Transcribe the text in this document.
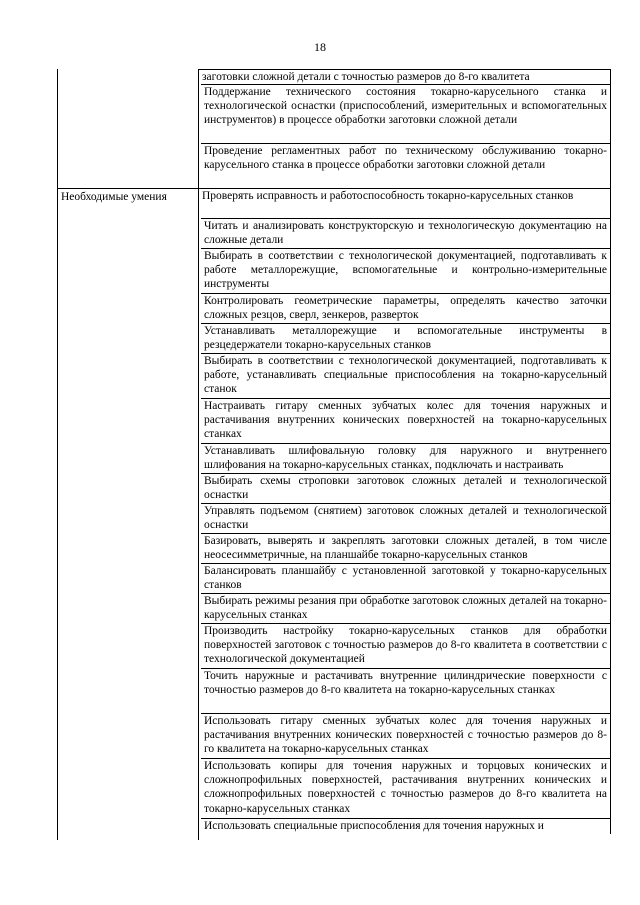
18
Необходимые умения
заготовки сложной детали с точностью размеров до 8-го квалитета
Поддержание технического состояния токарно-карусельного станка и технологической оснастки (приспособлений, измерительных и вспомогательных инструментов) в процессе обработки заготовки сложной детали
Проведение регламентных работ по техническому обслуживанию токарно-карусельного станка в процессе обработки заготовки сложной детали
Проверять исправность и работоспособность токарно-карусельных станков
Читать и анализировать конструкторскую и технологическую документацию на сложные детали
Выбирать в соответствии с технологической документацией, подготавливать к работе металлорежущие, вспомогательные и контрольно-измерительные инструменты
Контролировать геометрические параметры, определять качество заточки сложных резцов, сверл, зенкеров, разверток
Устанавливать металлорежущие и вспомогательные инструменты в резцедержатели токарно-карусельных станков
Выбирать в соответствии с технологической документацией, подготавливать к работе, устанавливать специальные приспособления на токарно-карусельный станок
Настраивать гитару сменных зубчатых колес для точения наружных и растачивания внутренних конических поверхностей на токарно-карусельных станках
Устанавливать шлифовальную головку для наружного и внутреннего шлифования на токарно-карусельных станках, подключать и настраивать
Выбирать схемы строповки заготовок сложных деталей и технологической оснастки
Управлять подъемом (снятием) заготовок сложных деталей и технологической оснастки
Базировать, выверять и закреплять заготовки сложных деталей, в том числе неосесимметричные, на планшайбе токарно-карусельных станков
Балансировать планшайбу с установленной заготовкой у токарно-карусельных станков
Выбирать режимы резания при обработке заготовок сложных деталей на токарно-карусельных станках
Производить настройку токарно-карусельных станков для обработки поверхностей заготовок с точностью размеров до 8-го квалитета в соответствии с технологической документацией
Точить наружные и растачивать внутренние цилиндрические поверхности с точностью размеров до 8-го квалитета на токарно-карусельных станках
Использовать гитару сменных зубчатых колес для точения наружных и растачивания внутренних конических поверхностей с точностью размеров до 8-го квалитета на токарно-карусельных станках
Использовать копиры для точения наружных и торцовых конических и сложнопрофильных поверхностей, растачивания внутренних конических и сложнопрофильных поверхностей с точностью размеров до 8-го квалитета на токарно-карусельных станках
Использовать специальные приспособления для точения наружных и
